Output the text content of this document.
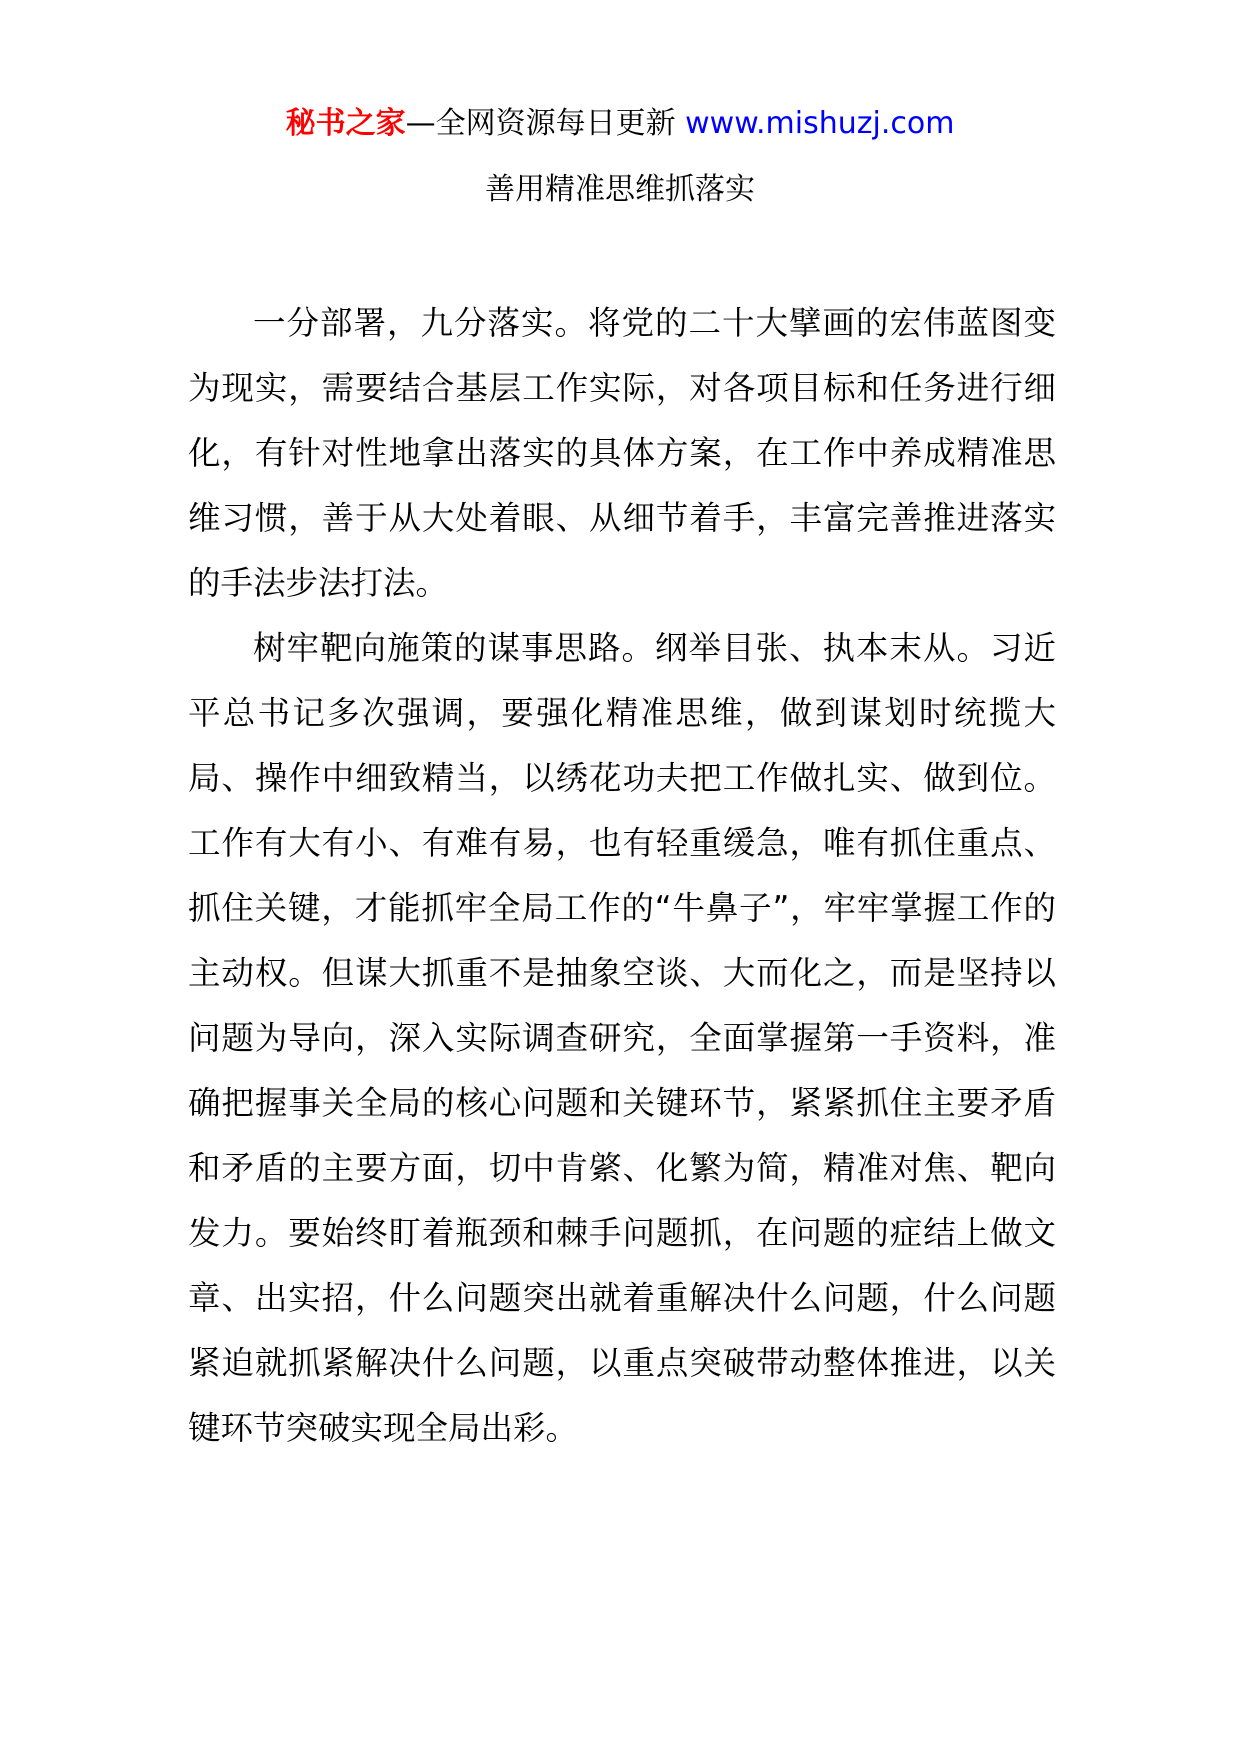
秘书之家—全网资源每日更新 www.mishuzj.com
善用精准思维抓落实

一分部署，九分落实。将党的二十大擘画的宏伟蓝图变为现实，需要结合基层工作实际，对各项目标和任务进行细化，有针对性地拿出落实的具体方案，在工作中养成精准思维习惯，善于从大处着眼、从细节着手，丰富完善推进落实的手法步法打法。

树牢靶向施策的谋事思路。纲举目张、执本末从。习近平总书记多次强调，要强化精准思维，做到谋划时统揽大局、操作中细致精当，以绣花功夫把工作做扎实、做到位。工作有大有小、有难有易，也有轻重缓急，唯有抓住重点、抓住关键，才能抓牢全局工作的“牛鼻子”，牢牢掌握工作的主动权。但谋大抓重不是抽象空谈、大而化之，而是坚持以问题为导向，深入实际调查研究，全面掌握第一手资料，准确把握事关全局的核心问题和关键环节，紧紧抓住主要矛盾和矛盾的主要方面，切中肯綮、化繁为简，精准对焦、靶向发力。要始终盯着瓶颈和棘手问题抓，在问题的症结上做文章、出实招，什么问题突出就着重解决什么问题，什么问题紧迫就抓紧解决什么问题，以重点突破带动整体推进，以关键环节突破实现全局出彩。
